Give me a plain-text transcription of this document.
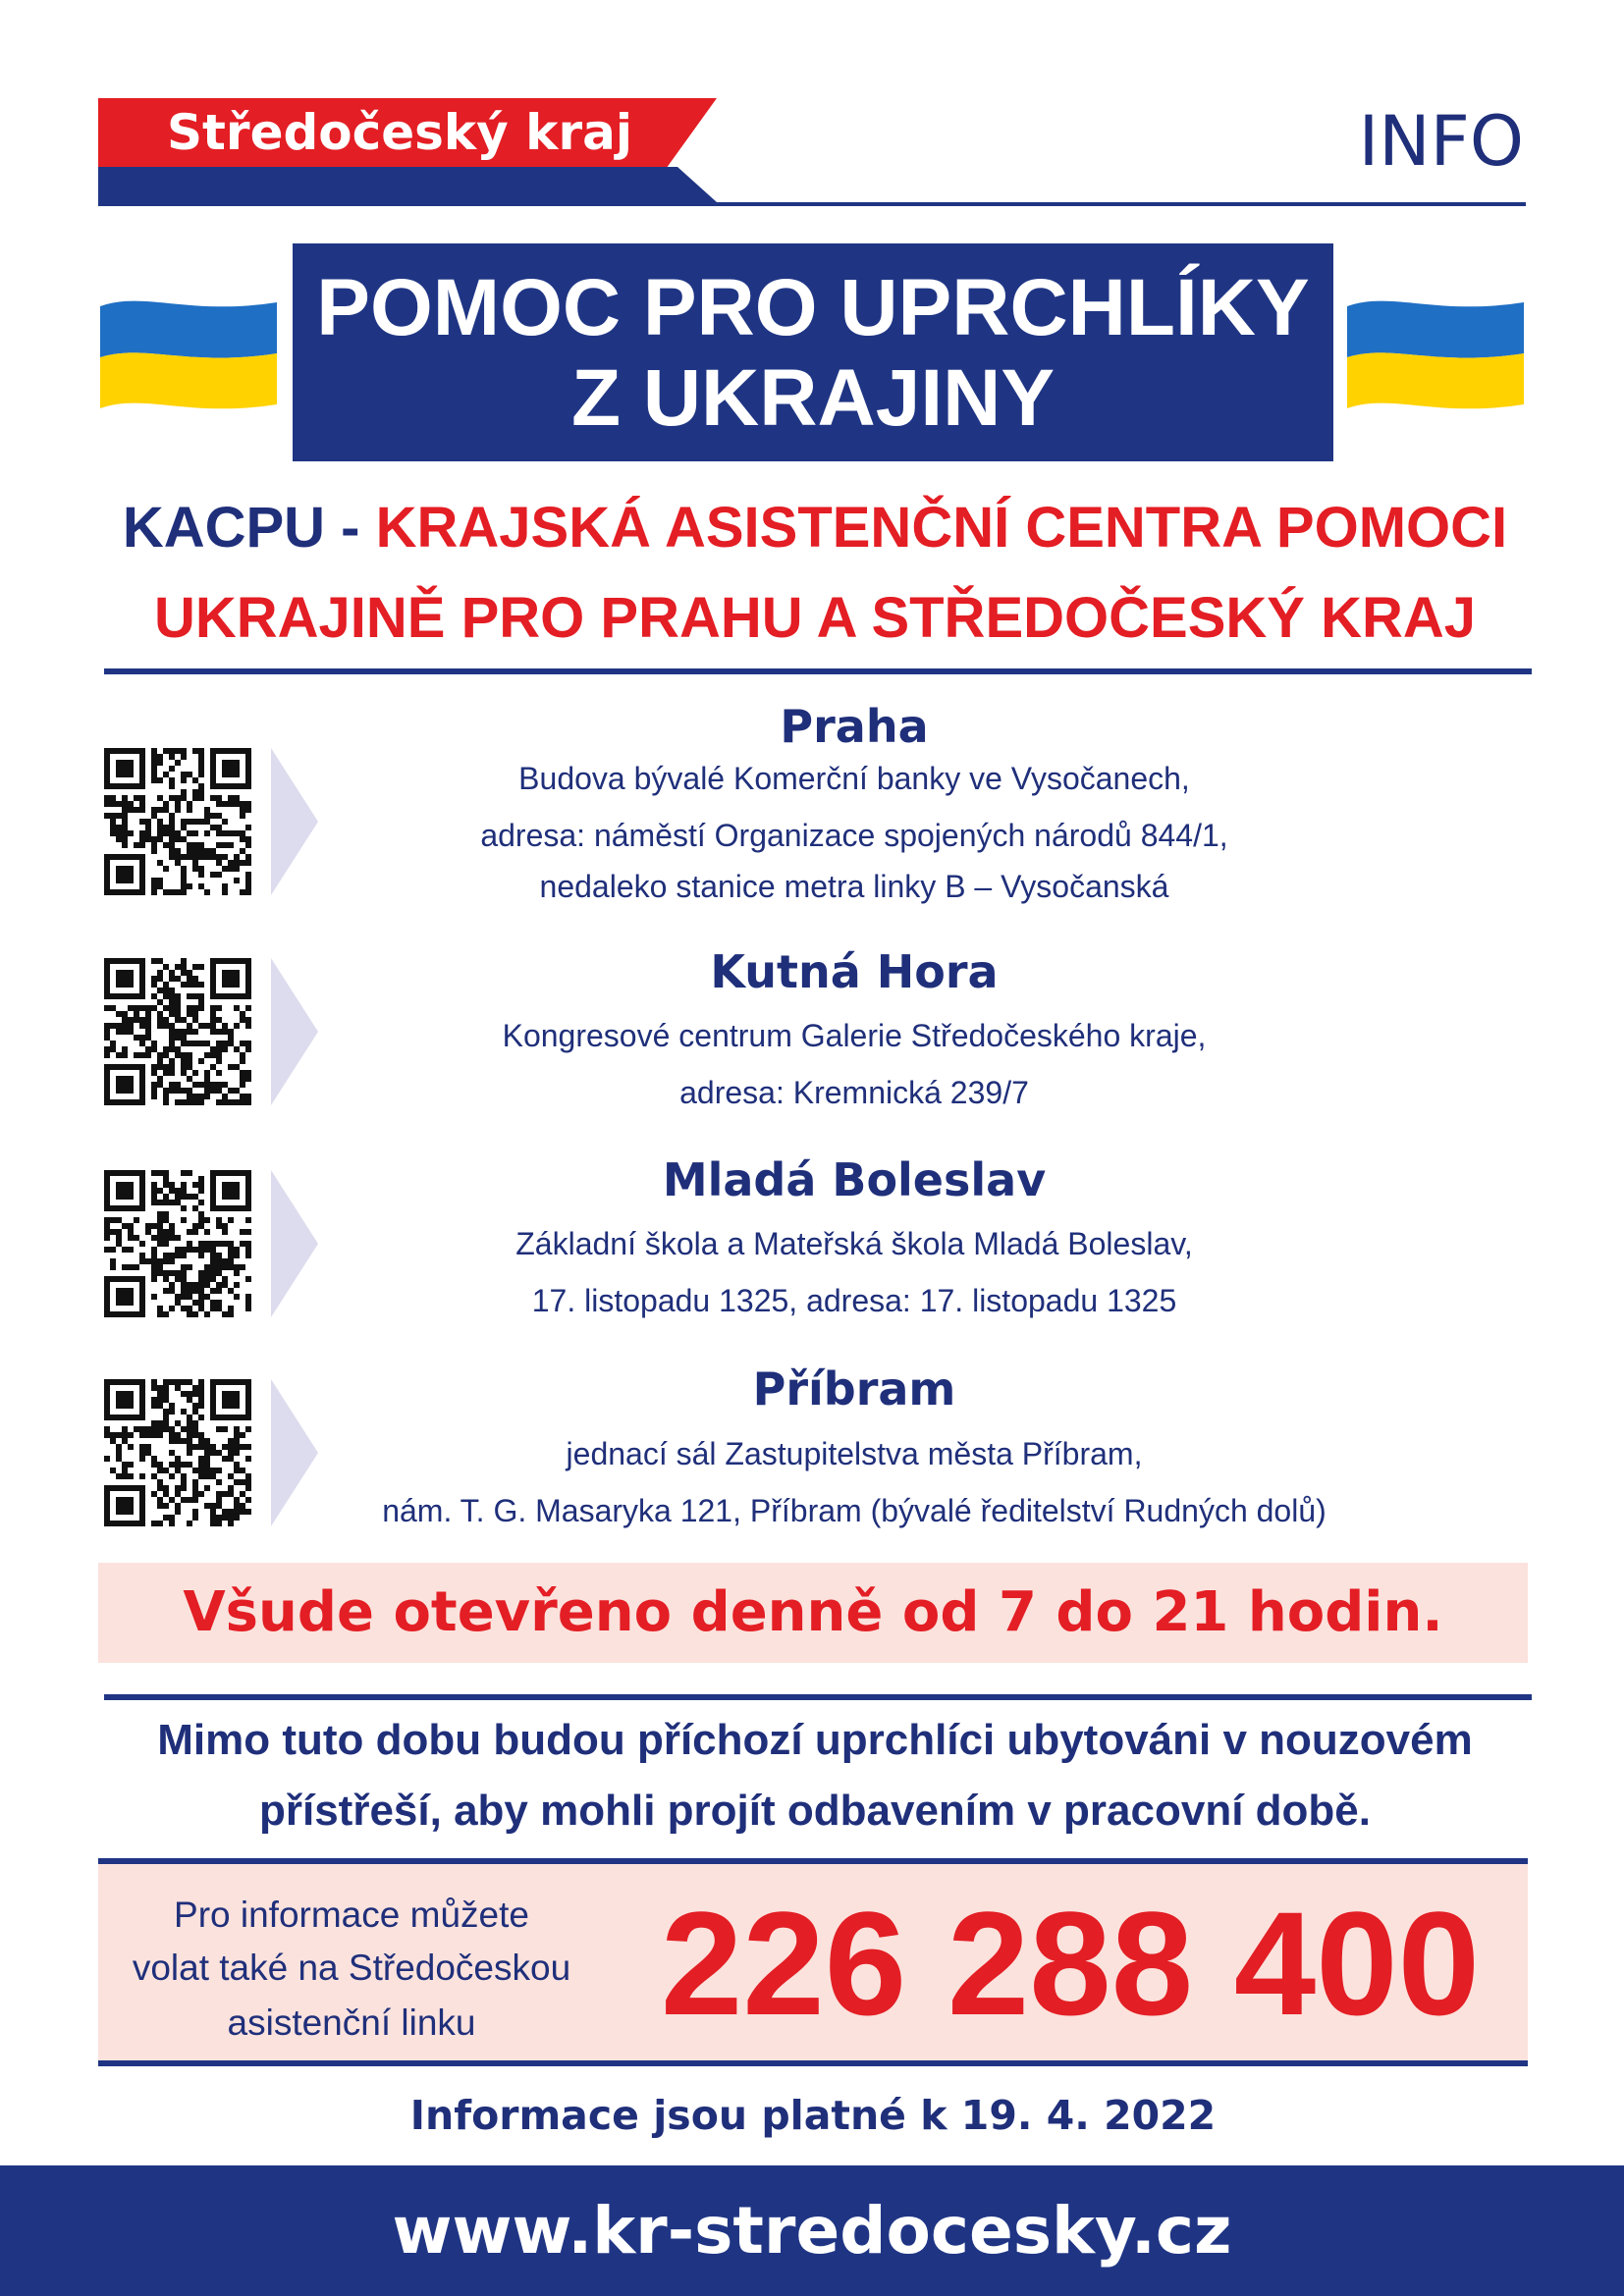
Středočeský kraj	INFO
POMOC PRO UPRCHLÍKY
Z UKRAJINY
KACPU - KRAJSKÁ ASISTENČNÍ CENTRA POMOCI
UKRAJINĚ PRO PRAHU A STŘEDOČESKÝ KRAJ
Praha
Budova bývalé Komerční banky ve Vysočanech,
adresa: náměstí Organizace spojených národů 844/1,
nedaleko stanice metra linky B – Vysočanská
Kutná Hora
Kongresové centrum Galerie Středočeského kraje,
adresa: Kremnická 239/7
Mladá Boleslav
Základní škola a Mateřská škola Mladá Boleslav,
17. listopadu 1325, adresa: 17. listopadu 1325
Příbram
jednací sál Zastupitelstva města Příbram,
nám. T. G. Masaryka 121, Příbram (bývalé ředitelství Rudných dolů)
Všude otevřeno denně od 7 do 21 hodin.
Mimo tuto dobu budou příchozí uprchlíci ubytováni v nouzovém
přístřeší, aby mohli projít odbavením v pracovní době.
Pro informace můžete
volat také na Středočeskou
asistenční linku	226 288 400
Informace jsou platné k 19. 4. 2022
www.kr-stredocesky.cz
